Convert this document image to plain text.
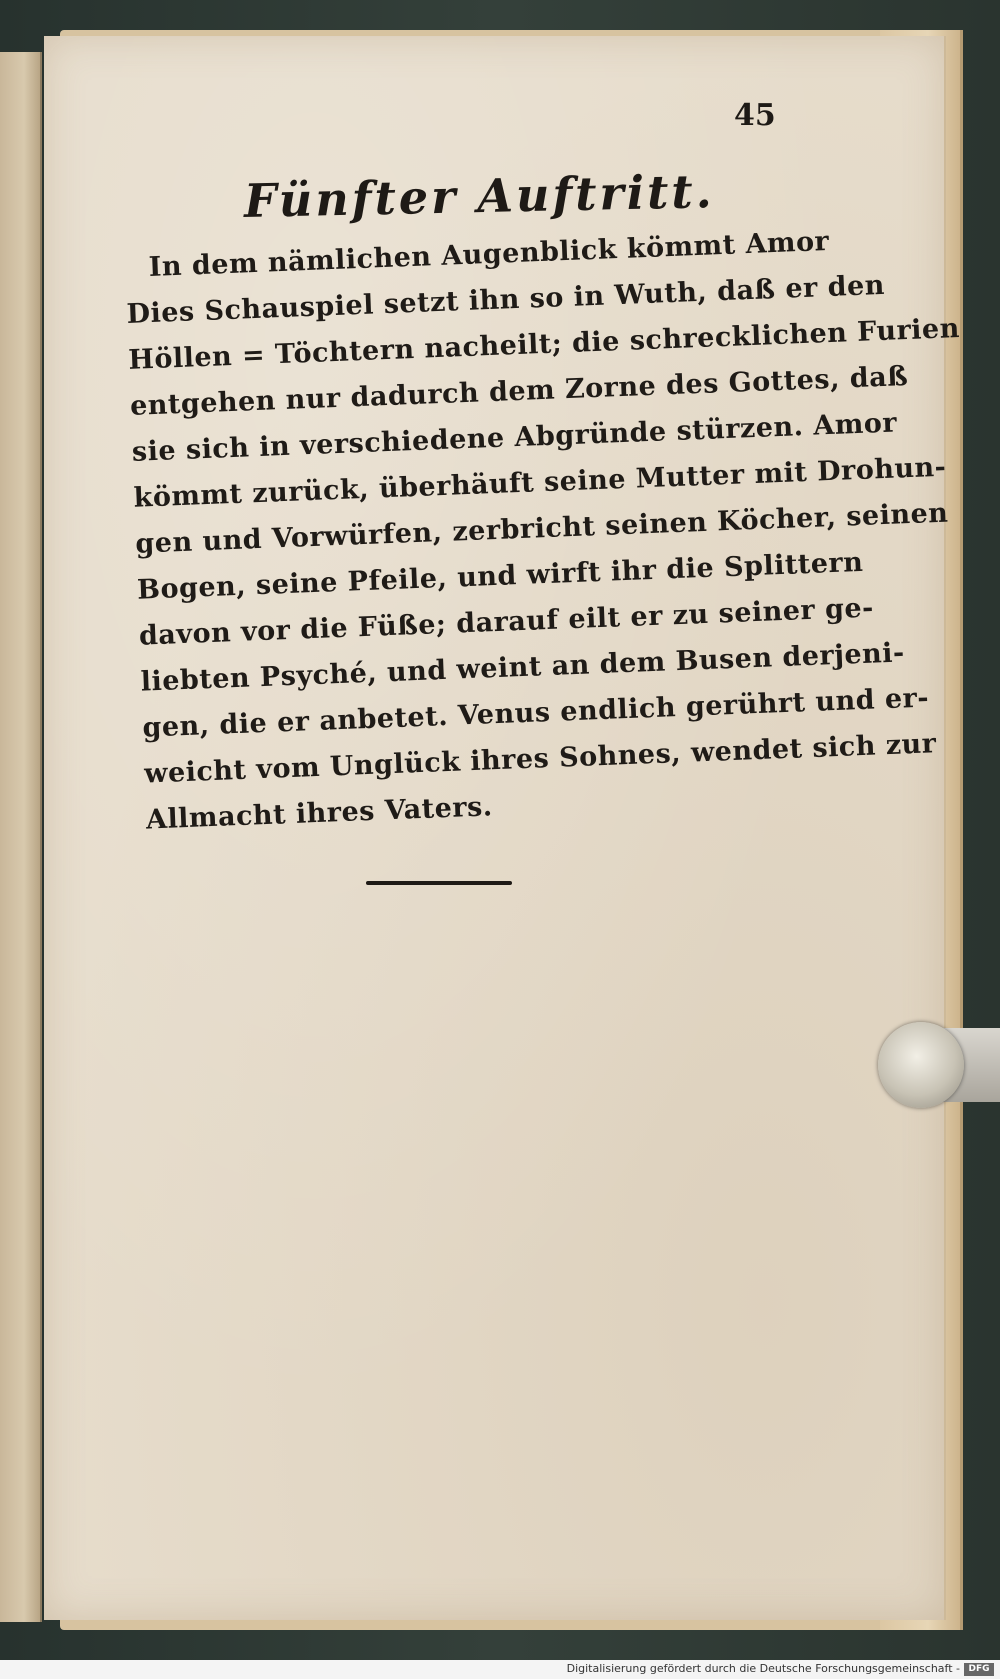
45
Fünfter Auftritt.
In dem nämlichen Augenblick kömmt Amor
Dies Schauspiel setzt ihn so in Wuth, daß er den
Höllen = Töchtern nacheilt; die schrecklichen Furien
entgehen nur dadurch dem Zorne des Gottes, daß
sie sich in verschiedene Abgründe stürzen. Amor
kömmt zurück, überhäuft seine Mutter mit Drohun-
gen und Vorwürfen, zerbricht seinen Köcher, seinen
Bogen, seine Pfeile, und wirft ihr die Splittern
davon vor die Füße; darauf eilt er zu seiner ge-
liebten Psyché, und weint an dem Busen derjeni-
gen, die er anbetet. Venus endlich gerührt und er-
weicht vom Unglück ihres Sohnes, wendet sich zur
Allmacht ihres Vaters.
Digitalisierung gefördert durch die Deutsche Forschungsgemeinschaft - DFG
